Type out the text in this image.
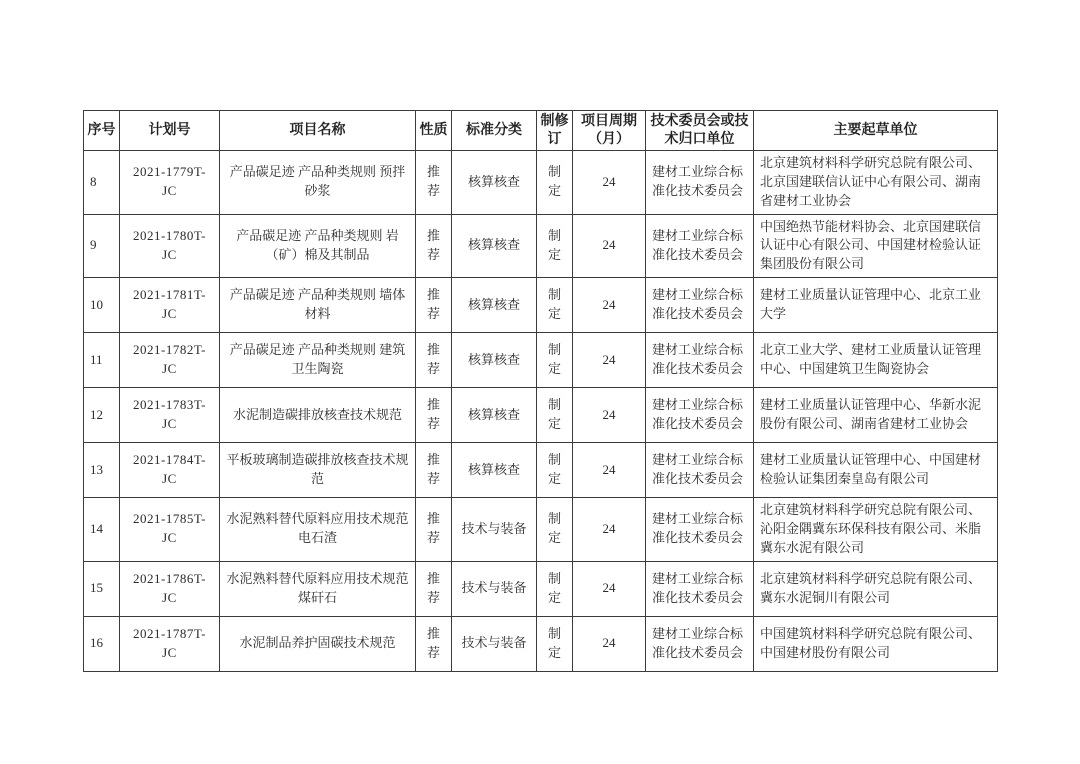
序号	计划号	项目名称	性质	标准分类	制修订	项目周期（月）	技术委员会或技术归口单位	主要起草单位
8	2021-1779T-JC	产品碳足迹 产品种类规则 预拌砂浆	推荐	核算核查	制定	24	建材工业综合标准化技术委员会	北京建筑材料科学研究总院有限公司、北京国建联信认证中心有限公司、湖南省建材工业协会
9	2021-1780T-JC	产品碳足迹 产品种类规则 岩（矿）棉及其制品	推荐	核算核查	制定	24	建材工业综合标准化技术委员会	中国绝热节能材料协会、北京国建联信认证中心有限公司、中国建材检验认证集团股份有限公司
10	2021-1781T-JC	产品碳足迹 产品种类规则 墙体材料	推荐	核算核查	制定	24	建材工业综合标准化技术委员会	建材工业质量认证管理中心、北京工业大学
11	2021-1782T-JC	产品碳足迹 产品种类规则 建筑卫生陶瓷	推荐	核算核查	制定	24	建材工业综合标准化技术委员会	北京工业大学、建材工业质量认证管理中心、中国建筑卫生陶瓷协会
12	2021-1783T-JC	水泥制造碳排放核查技术规范	推荐	核算核查	制定	24	建材工业综合标准化技术委员会	建材工业质量认证管理中心、华新水泥股份有限公司、湖南省建材工业协会
13	2021-1784T-JC	平板玻璃制造碳排放核查技术规范	推荐	核算核查	制定	24	建材工业综合标准化技术委员会	建材工业质量认证管理中心、中国建材检验认证集团秦皇岛有限公司
14	2021-1785T-JC	水泥熟料替代原料应用技术规范 电石渣	推荐	技术与装备	制定	24	建材工业综合标准化技术委员会	北京建筑材料科学研究总院有限公司、沁阳金隅冀东环保科技有限公司、米脂冀东水泥有限公司
15	2021-1786T-JC	水泥熟料替代原料应用技术规范 煤矸石	推荐	技术与装备	制定	24	建材工业综合标准化技术委员会	北京建筑材料科学研究总院有限公司、冀东水泥铜川有限公司
16	2021-1787T-JC	水泥制品养护固碳技术规范	推荐	技术与装备	制定	24	建材工业综合标准化技术委员会	中国建筑材料科学研究总院有限公司、中国建材股份有限公司
